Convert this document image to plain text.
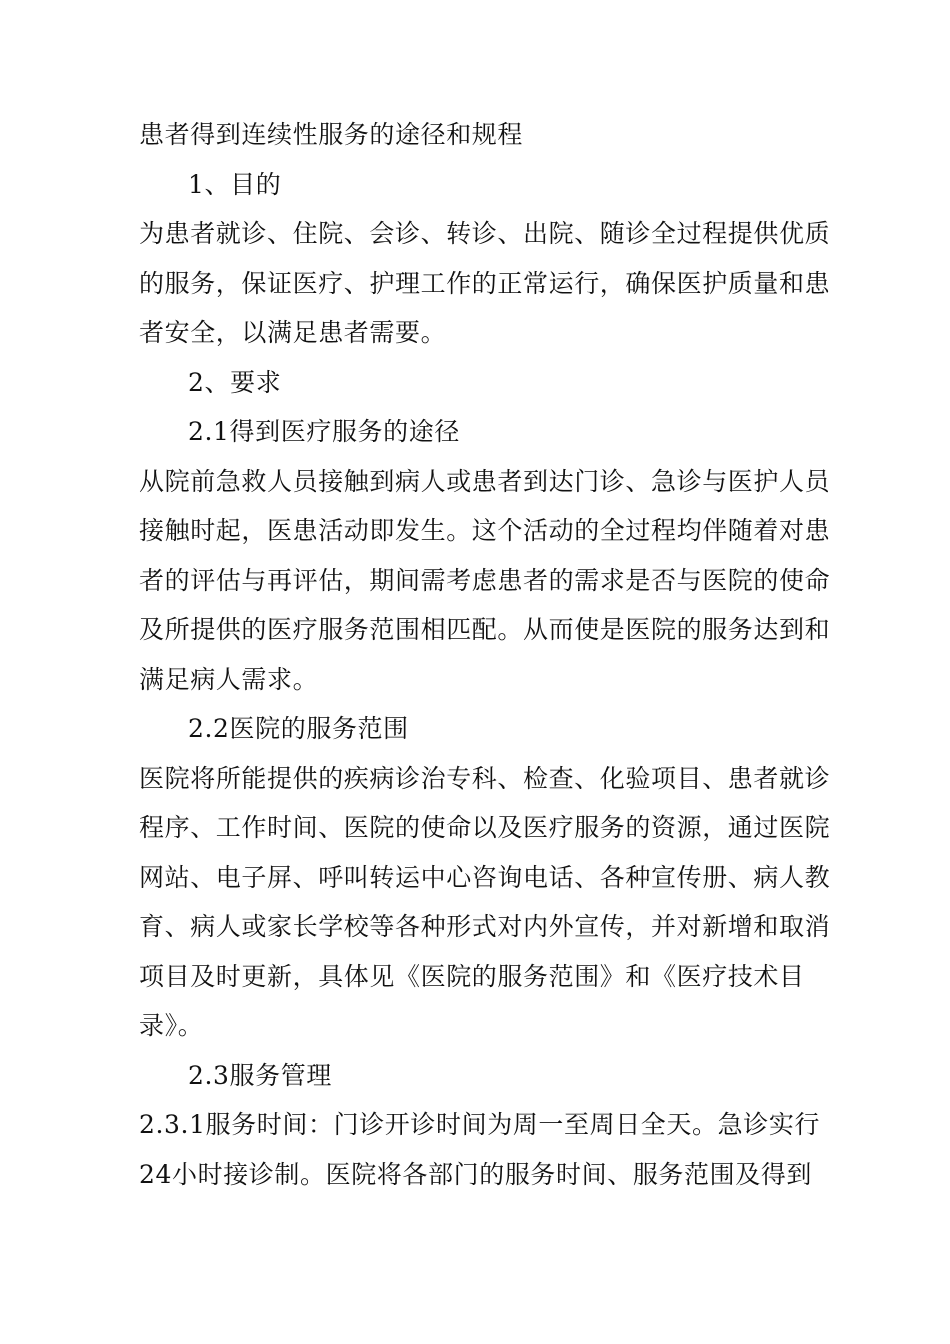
患者得到连续性服务的途径和规程
1、目的
为患者就诊、住院、会诊、转诊、出院、随诊全过程提供优质
的服务，保证医疗、护理工作的正常运行，确保医护质量和患
者安全，以满足患者需要。
2、要求
2.1得到医疗服务的途径
从院前急救人员接触到病人或患者到达门诊、急诊与医护人员
接触时起，医患活动即发生。这个活动的全过程均伴随着对患
者的评估与再评估，期间需考虑患者的需求是否与医院的使命
及所提供的医疗服务范围相匹配。从而使是医院的服务达到和
满足病人需求。
2.2医院的服务范围
医院将所能提供的疾病诊治专科、检查、化验项目、患者就诊
程序、工作时间、医院的使命以及医疗服务的资源，通过医院
网站、电子屏、呼叫转运中心咨询电话、各种宣传册、病人教
育、病人或家长学校等各种形式对内外宣传，并对新增和取消
项目及时更新，具体见《医院的服务范围》和《医疗技术目
录》。
2.3服务管理
2.3.1服务时间：门诊开诊时间为周一至周日全天。急诊实行
24小时接诊制。医院将各部门的服务时间、服务范围及得到
